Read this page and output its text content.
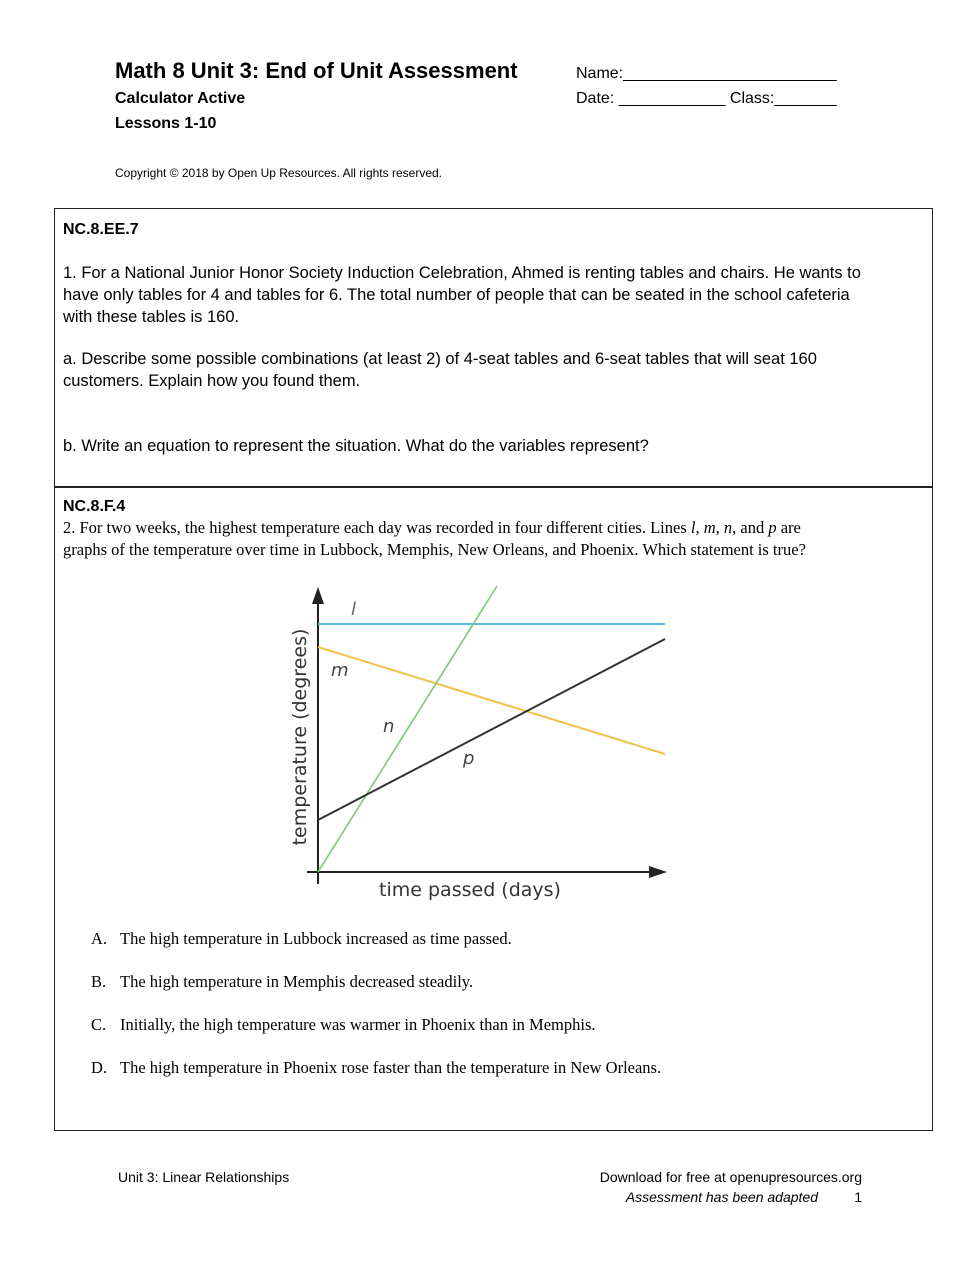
Math 8 Unit 3: End of Unit Assessment
Calculator Active
Lessons 1-10
Name:________________________
Date: ____________ Class:_______
Copyright © 2018 by Open Up Resources. All rights reserved.
NC.8.EE.7
1. For a National Junior Honor Society Induction Celebration, Ahmed is renting tables and chairs. He wants to
have only tables for 4 and tables for 6. The total number of people that can be seated in the school cafeteria
with these tables is 160.
a. Describe some possible combinations (at least 2) of 4-seat tables and 6-seat tables that will seat 160
customers. Explain how you found them.
b. Write an equation to represent the situation. What do the variables represent?
NC.8.F.4
2. For two weeks, the highest temperature each day was recorded in four different cities. Lines l, m, n, and p are
graphs of the temperature over time in Lubbock, Memphis, New Orleans, and Phoenix. Which statement is true?
l
m
n
p
time passed (days)
temperature (degrees)
A. The high temperature in Lubbock increased as time passed.
B. The high temperature in Memphis decreased steadily.
C. Initially, the high temperature was warmer in Phoenix than in Memphis.
D. The high temperature in Phoenix rose faster than the temperature in New Orleans.
Unit 3: Linear Relationships	Download for free at openupresources.org
Assessment has been adapted	1
